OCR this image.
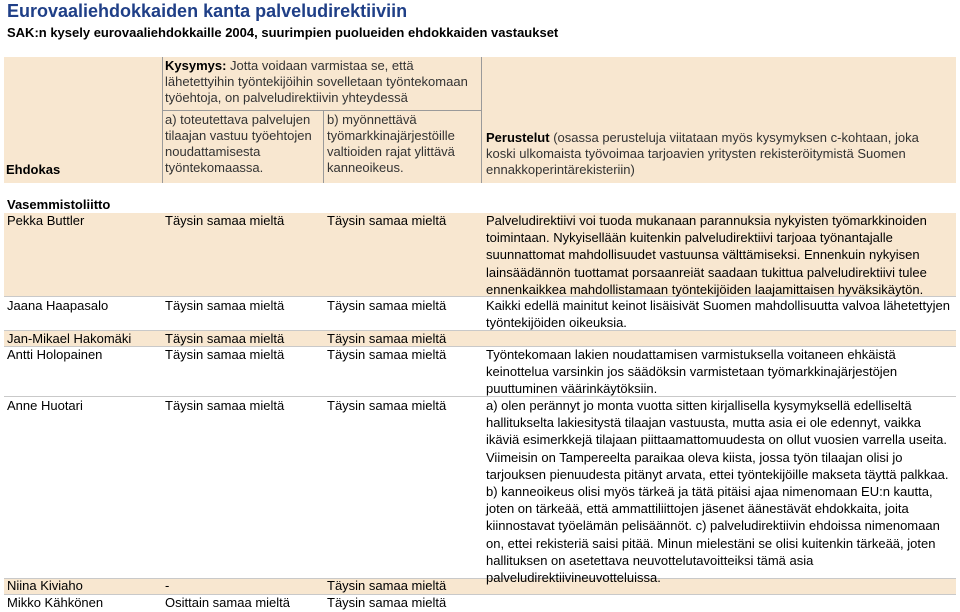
Eurovaaliehdokkaiden kanta palveludirektiiviin
SAK:n kysely eurovaaliehdokkaille 2004, suurimpien puolueiden ehdokkaiden vastaukset
Kysymys: Jotta voidaan varmistaa se, että lähetettyihin työntekijöihin sovelletaan työntekomaan työehtoja, on palveludirektiivin yhteydessä
a) toteutettava palvelujen tilaajan vastuu työehtojen noudattamisesta työntekomaassa.
b) myönnettävä työmarkkinajärjestöille valtioiden rajat ylittävä kanneoikeus.
Perustelut (osassa perusteluja viitataan myös kysymyksen c-kohtaan, joka koski ulkomaista työvoimaa tarjoavien yritysten rekisteröitymistä Suomen ennakkoperintärekisteriin)
Ehdokas
Vasemmistoliitto
Pekka Buttler	Täysin samaa mieltä	Täysin samaa mieltä	Palveludirektiivi voi tuoda mukanaan parannuksia nykyisten työmarkkinoiden toimintaan. Nykyisellään kuitenkin palveludirektiivi tarjoaa työnantajalle suunnattomat mahdollisuudet vastuunsa välttämiseksi. Ennenkuin nykyisen lainsäädännön tuottamat porsaanreiät saadaan tukittua palveludirektiivi tulee ennenkaikkea mahdollistamaan työntekijöiden laajamittaisen hyväksikäytön.
Jaana Haapasalo	Täysin samaa mieltä	Täysin samaa mieltä	Kaikki edellä mainitut keinot lisäisivät Suomen mahdollisuutta valvoa lähetettyjen työntekijöiden oikeuksia.
Jan-Mikael Hakomäki	Täysin samaa mieltä	Täysin samaa mieltä
Antti Holopainen	Täysin samaa mieltä	Täysin samaa mieltä	Työntekomaan lakien noudattamisen varmistuksella voitaneen ehkäistä keinottelua varsinkin jos säädöksin varmistetaan työmarkkinajärjestöjen puuttuminen väärinkäytöksiin.
Anne Huotari	Täysin samaa mieltä	Täysin samaa mieltä	a) olen perännyt jo monta vuotta sitten kirjallisella kysymyksellä edelliseltä hallitukselta lakiesitystä tilaajan vastuusta, mutta asia ei ole edennyt, vaikka ikäviä esimerkkejä tilajaan piittaamattomuudesta on ollut vuosien varrella useita. Viimeisin on Tampereelta paraikaa oleva kiista, jossa työn tilaajan olisi jo tarjouksen pienuudesta pitänyt arvata, ettei työntekijöille makseta täyttä palkkaa. b) kanneoikeus olisi myös tärkeä ja tätä pitäisi ajaa nimenomaan EU:n kautta, joten on tärkeää, että ammattiliittojen jäsenet äänestävät ehdokkaita, joita kiinnostavat työelämän pelisäännöt. c) palveludirektiivin ehdoissa nimenomaan on, ettei rekisteriä saisi pitää. Minun mielestäni se olisi kuitenkin tärkeää, joten hallituksen on asetettava neuvottelutavoitteiksi tämä asia palveludirektiivineuvotteluissa.
Niina Kiviaho	-	Täysin samaa mieltä
Mikko Kähkönen	Osittain samaa mieltä	Täysin samaa mieltä
